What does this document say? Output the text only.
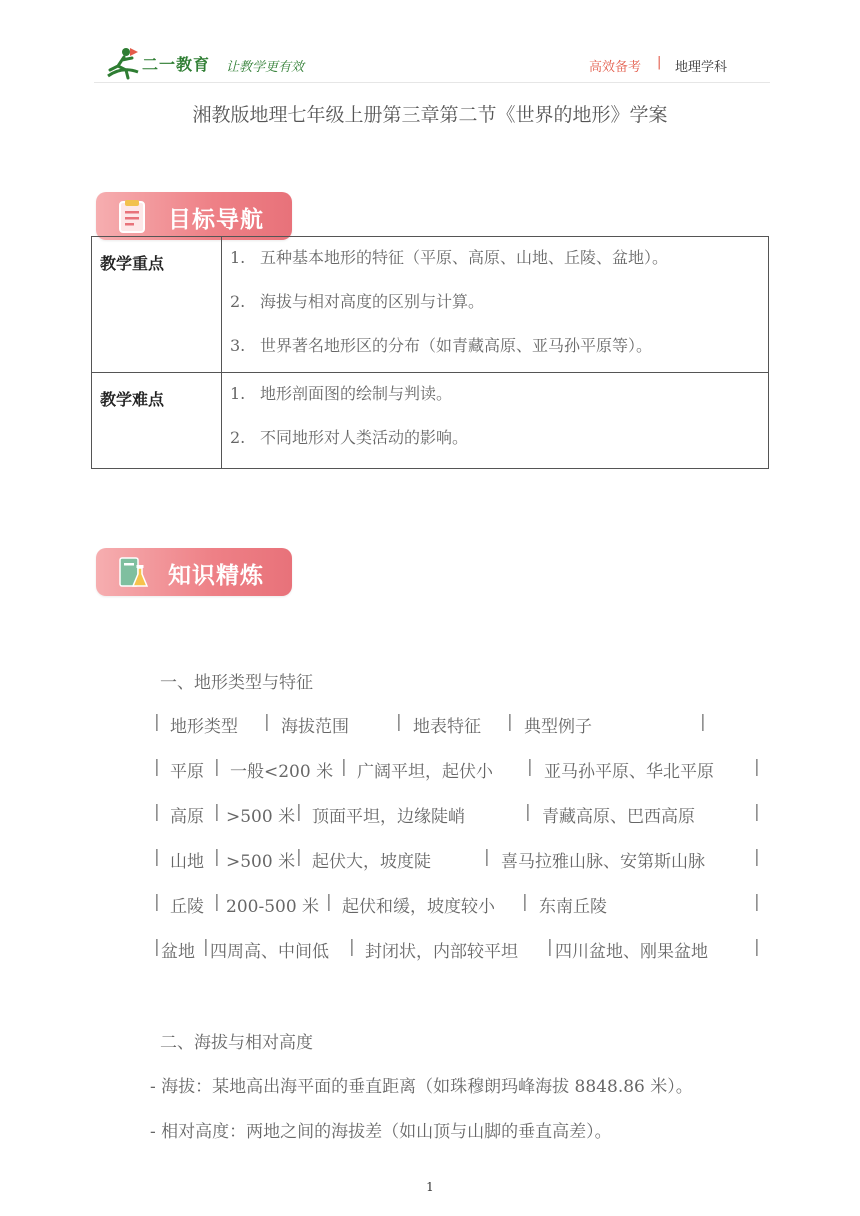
二一教育 让教学更有效	高效备考 | 地理学科
湘教版地理七年级上册第三章第二节《世界的地形》学案
目标导航
教学重点	1. 五种基本地形的特征（平原、高原、山地、丘陵、盆地）。
2. 海拔与相对高度的区别与计算。
3. 世界著名地形区的分布（如青藏高原、亚马孙平原等）。

教学难点	1. 地形剖面图的绘制与判读。
2. 不同地形对人类活动的影响。
知识精炼
一、地形类型与特征
| 地形类型 | 海拔范围	| 地表特征 | 典型例子	|
| 平原 | 一般<200 米 | 广阔平坦，起伏小 | 亚马孙平原、华北平原 |
| 高原 | >500 米 | 顶面平坦，边缘陡峭	| 青藏高原、巴西高原	|
| 山地 | >500 米 | 起伏大，坡度陡	| 喜马拉雅山脉、安第斯山脉	|
| 丘陵 | 200-500 米 | 起伏和缓，坡度较小 | 东南丘陵	|
| 盆地 | 四周高、中间低 | 封闭状，内部较平坦 | 四川盆地、刚果盆地	|
二、海拔与相对高度
- 海拔：某地高出海平面的垂直距离（如珠穆朗玛峰海拔 8848.86 米）。
- 相对高度：两地之间的海拔差（如山顶与山脚的垂直高差）。
1
